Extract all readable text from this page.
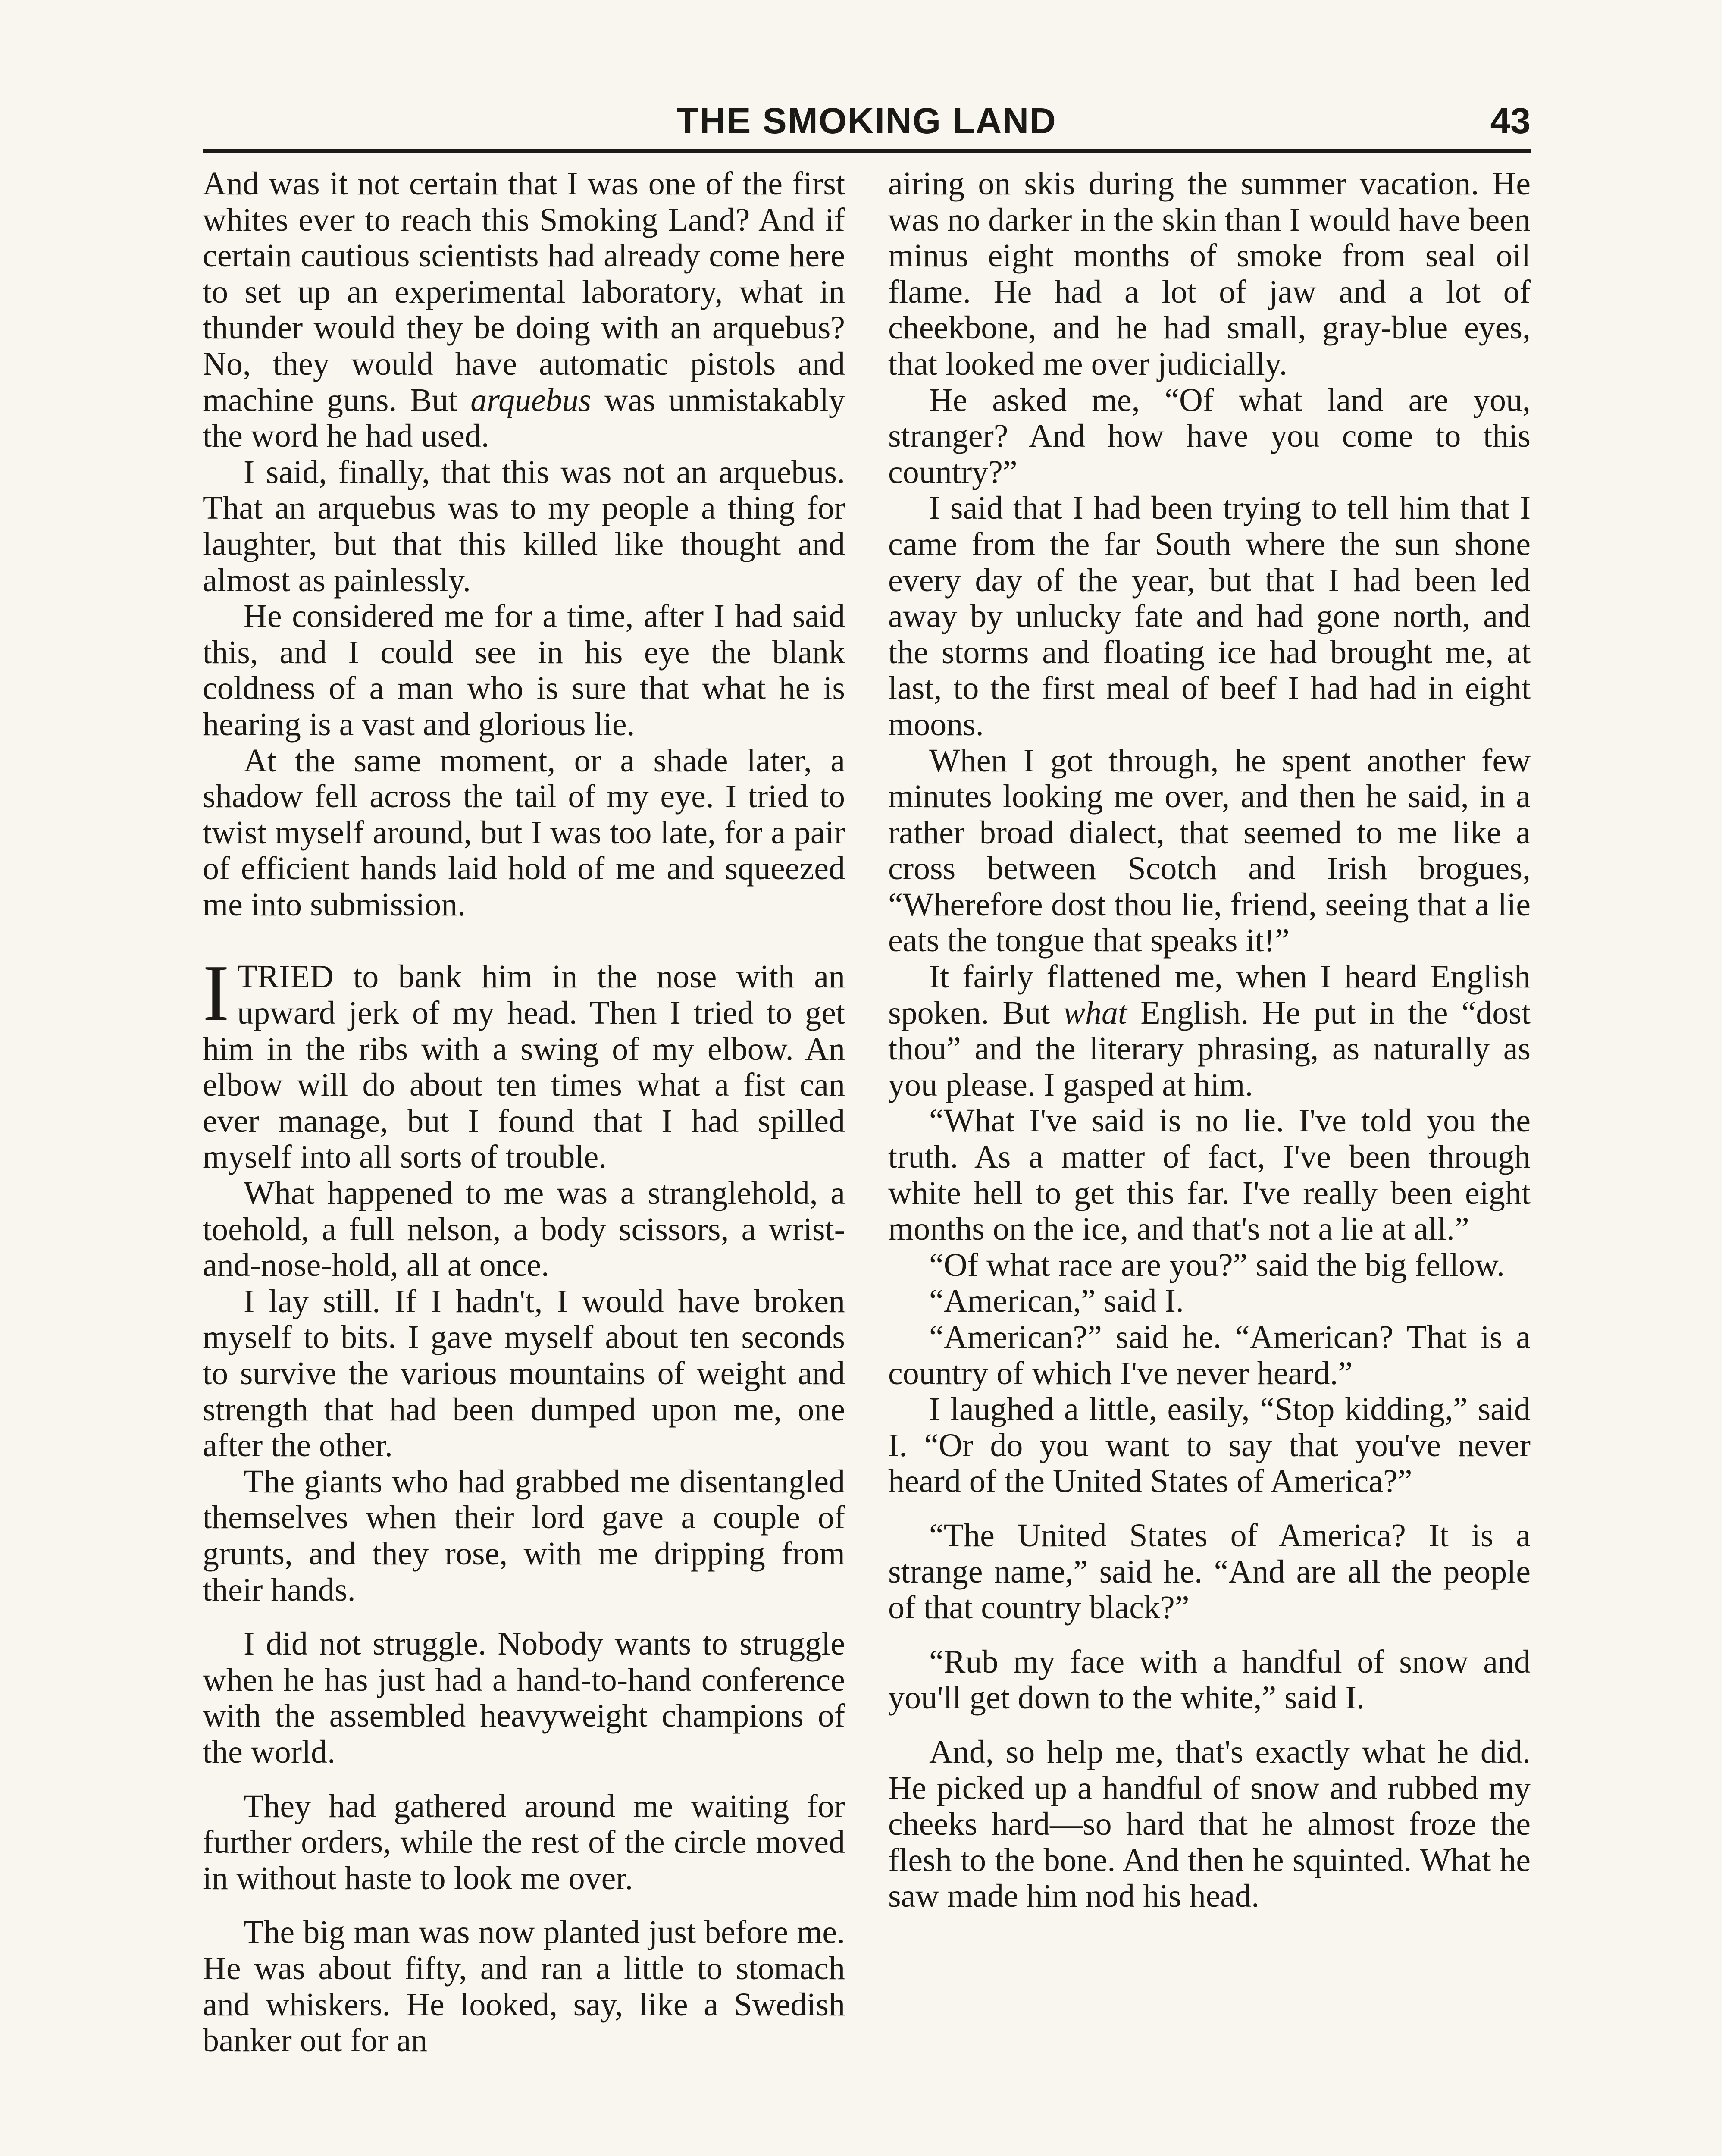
THE SMOKING LAND	43

And was it not certain that I was one of the first whites ever to reach this Smoking Land? And if certain cautious scientists had already come here to set up an experimental laboratory, what in thunder would they be doing with an arquebus? No, they would have automatic pistols and machine guns. But arquebus was unmistakably the word he had used.

I said, finally, that this was not an arquebus. That an arquebus was to my people a thing for laughter, but that this killed like thought and almost as painlessly.

He considered me for a time, after I had said this, and I could see in his eye the blank coldness of a man who is sure that what he is hearing is a vast and glorious lie.

At the same moment, or a shade later, a shadow fell across the tail of my eye. I tried to twist myself around, but I was too late, for a pair of efficient hands laid hold of me and squeezed me into submission.

I TRIED to bank him in the nose with an upward jerk of my head. Then I tried to get him in the ribs with a swing of my elbow. An elbow will do about ten times what a fist can ever manage, but I found that I had spilled myself into all sorts of trouble.

What happened to me was a stranglehold, a toehold, a full nelson, a body scissors, a wrist-and-nose-hold, all at once.

I lay still. If I hadn't, I would have broken myself to bits. I gave myself about ten seconds to survive the various mountains of weight and strength that had been dumped upon me, one after the other.

The giants who had grabbed me disentangled themselves when their lord gave a couple of grunts, and they rose, with me dripping from their hands.

I did not struggle. Nobody wants to struggle when he has just had a hand-to-hand conference with the assembled heavyweight champions of the world.

They had gathered around me waiting for further orders, while the rest of the circle moved in without haste to look me over.

The big man was now planted just before me. He was about fifty, and ran a little to stomach and whiskers. He looked, say, like a Swedish banker out for an

airing on skis during the summer vacation. He was no darker in the skin than I would have been minus eight months of smoke from seal oil flame. He had a lot of jaw and a lot of cheekbone, and he had small, gray-blue eyes, that looked me over judicially.

He asked me, “Of what land are you, stranger? And how have you come to this country?”

I said that I had been trying to tell him that I came from the far South where the sun shone every day of the year, but that I had been led away by unlucky fate and had gone north, and the storms and floating ice had brought me, at last, to the first meal of beef I had had in eight moons.

When I got through, he spent another few minutes looking me over, and then he said, in a rather broad dialect, that seemed to me like a cross between Scotch and Irish brogues, “Wherefore dost thou lie, friend, seeing that a lie eats the tongue that speaks it!”

It fairly flattened me, when I heard English spoken. But what English. He put in the “dost thou” and the literary phrasing, as naturally as you please. I gasped at him.

“What I've said is no lie. I've told you the truth. As a matter of fact, I've been through white hell to get this far. I've really been eight months on the ice, and that's not a lie at all.”

“Of what race are you?” said the big fellow.

“American,” said I.

“American?” said he. “American? That is a country of which I've never heard.”

I laughed a little, easily, “Stop kidding,” said I. “Or do you want to say that you've never heard of the United States of America?”

“The United States of America? It is a strange name,” said he. “And are all the people of that country black?”

“Rub my face with a handful of snow and you'll get down to the white,” said I.

And, so help me, that's exactly what he did. He picked up a handful of snow and rubbed my cheeks hard—so hard that he almost froze the flesh to the bone. And then he squinted. What he saw made him nod his head.
